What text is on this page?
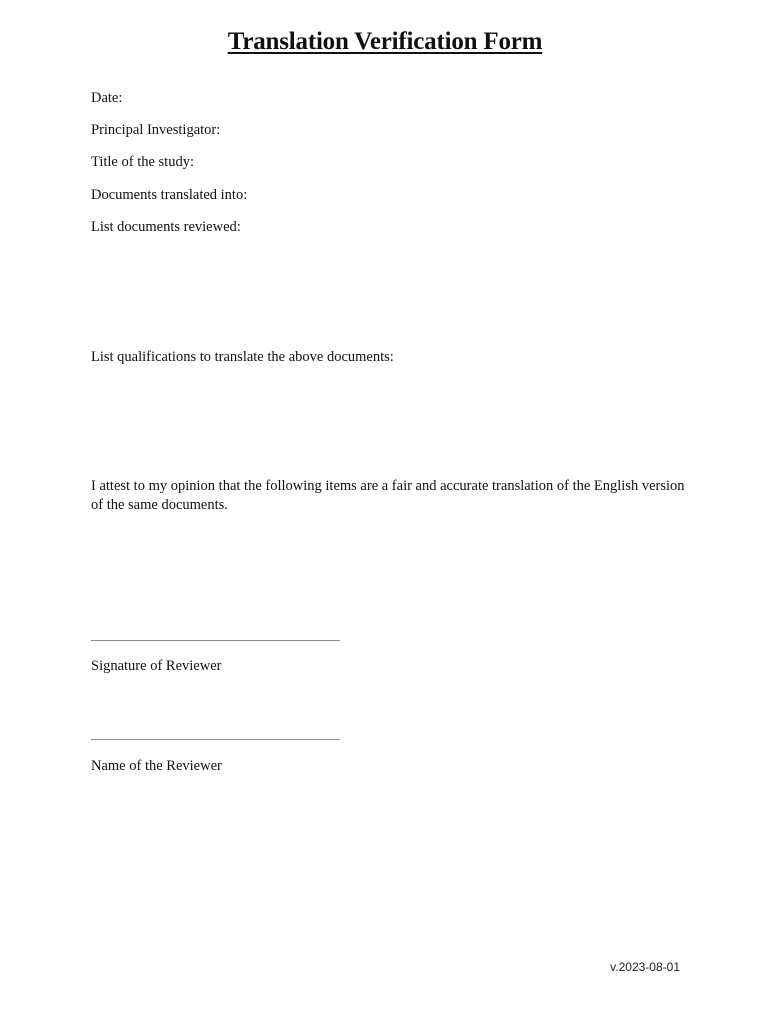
Translation Verification Form
Date:
Principal Investigator:
Title of the study:
Documents translated into:
List documents reviewed:
List qualifications to translate the above documents:
I attest to my opinion that the following items are a fair and accurate translation of the English version of the same documents.
Signature of Reviewer
Name of the Reviewer
v.2023-08-01
